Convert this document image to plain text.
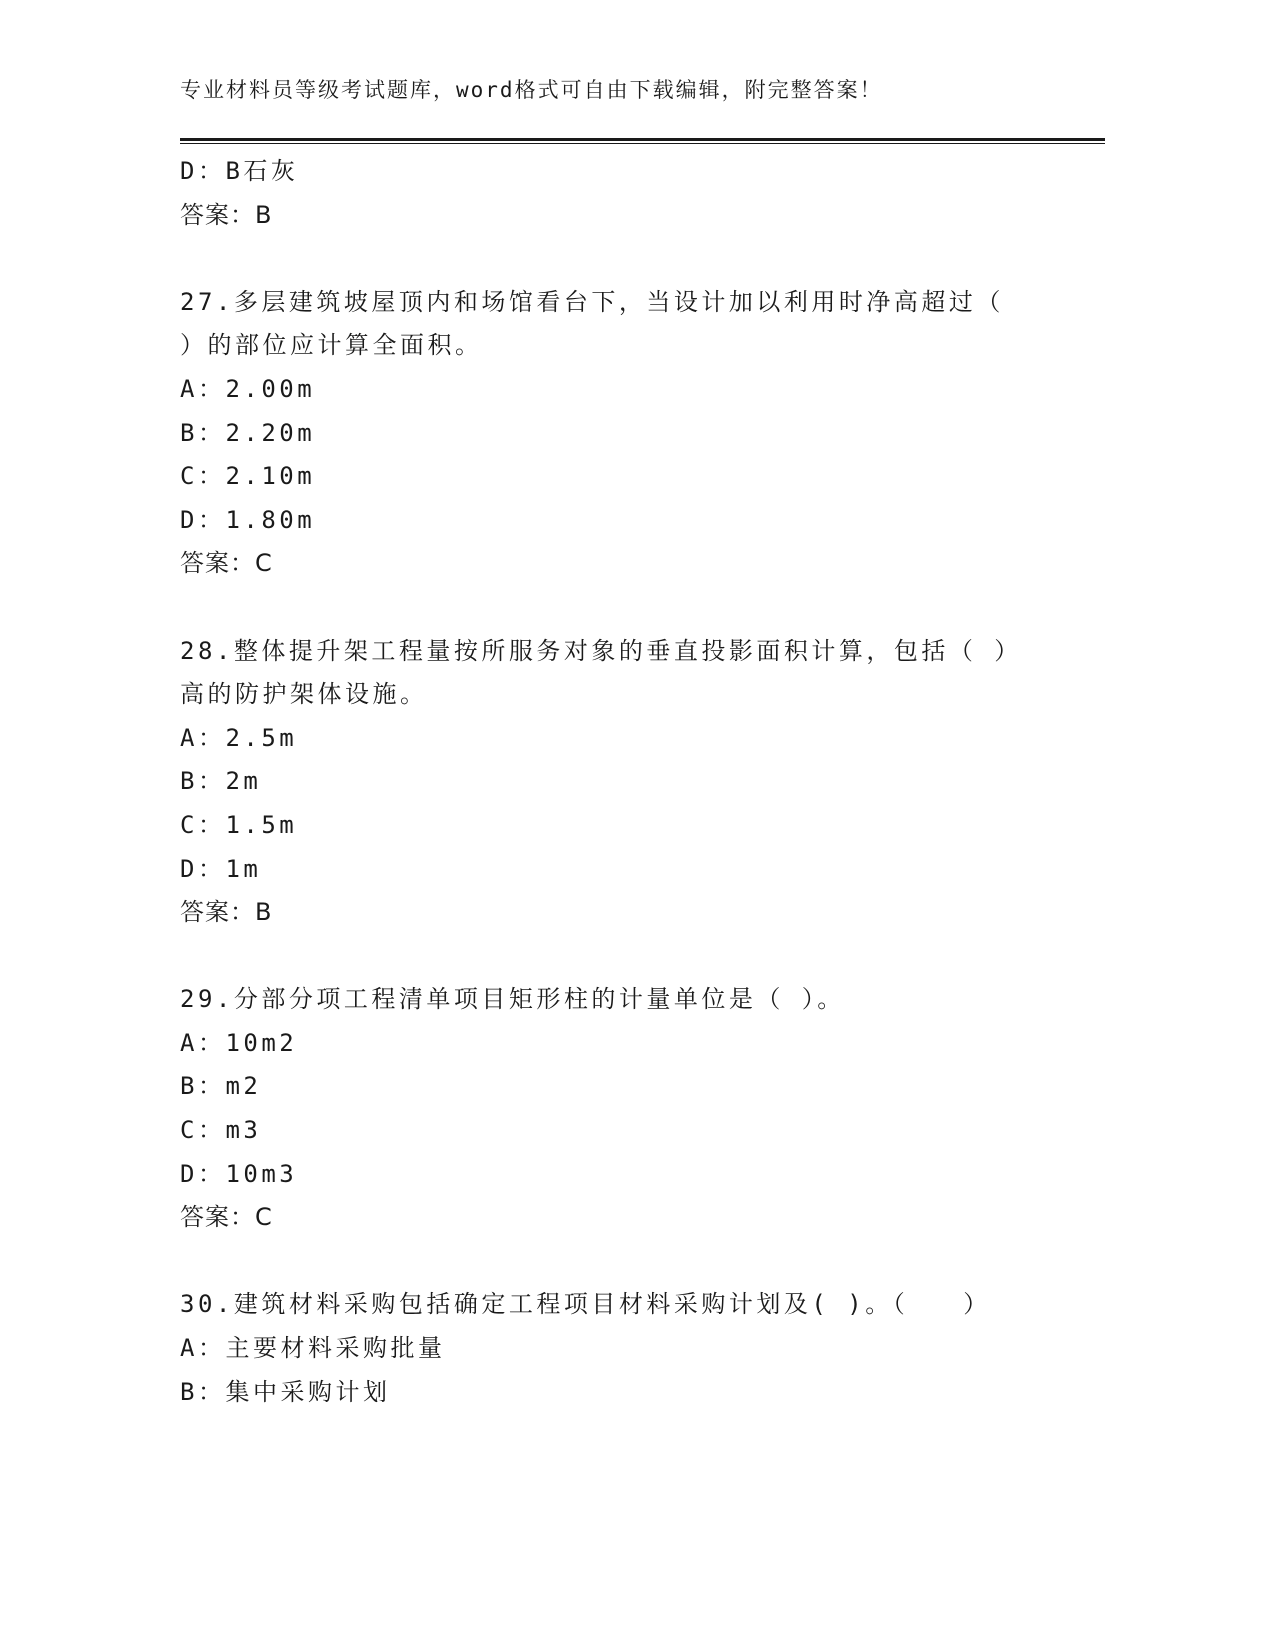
专业材料员等级考试题库，word格式可自由下载编辑，附完整答案！
D：B石灰
答案：B
27.多层建筑坡屋顶内和场馆看台下，当设计加以利用时净高超过（
）的部位应计算全面积。
A：2.00m
B：2.20m
C：2.10m
D：1.80m
答案：C
28.整体提升架工程量按所服务对象的垂直投影面积计算，包括（ ）
高的防护架体设施。
A：2.5m
B：2m
C：1.5m
D：1m
答案：B
29.分部分项工程清单项目矩形柱的计量单位是（ ）。
A：10m2
B：m2
C：m3
D：10m3
答案：C
30.建筑材料采购包括确定工程项目材料采购计划及( )。（　　）
A：主要材料采购批量
B：集中采购计划
